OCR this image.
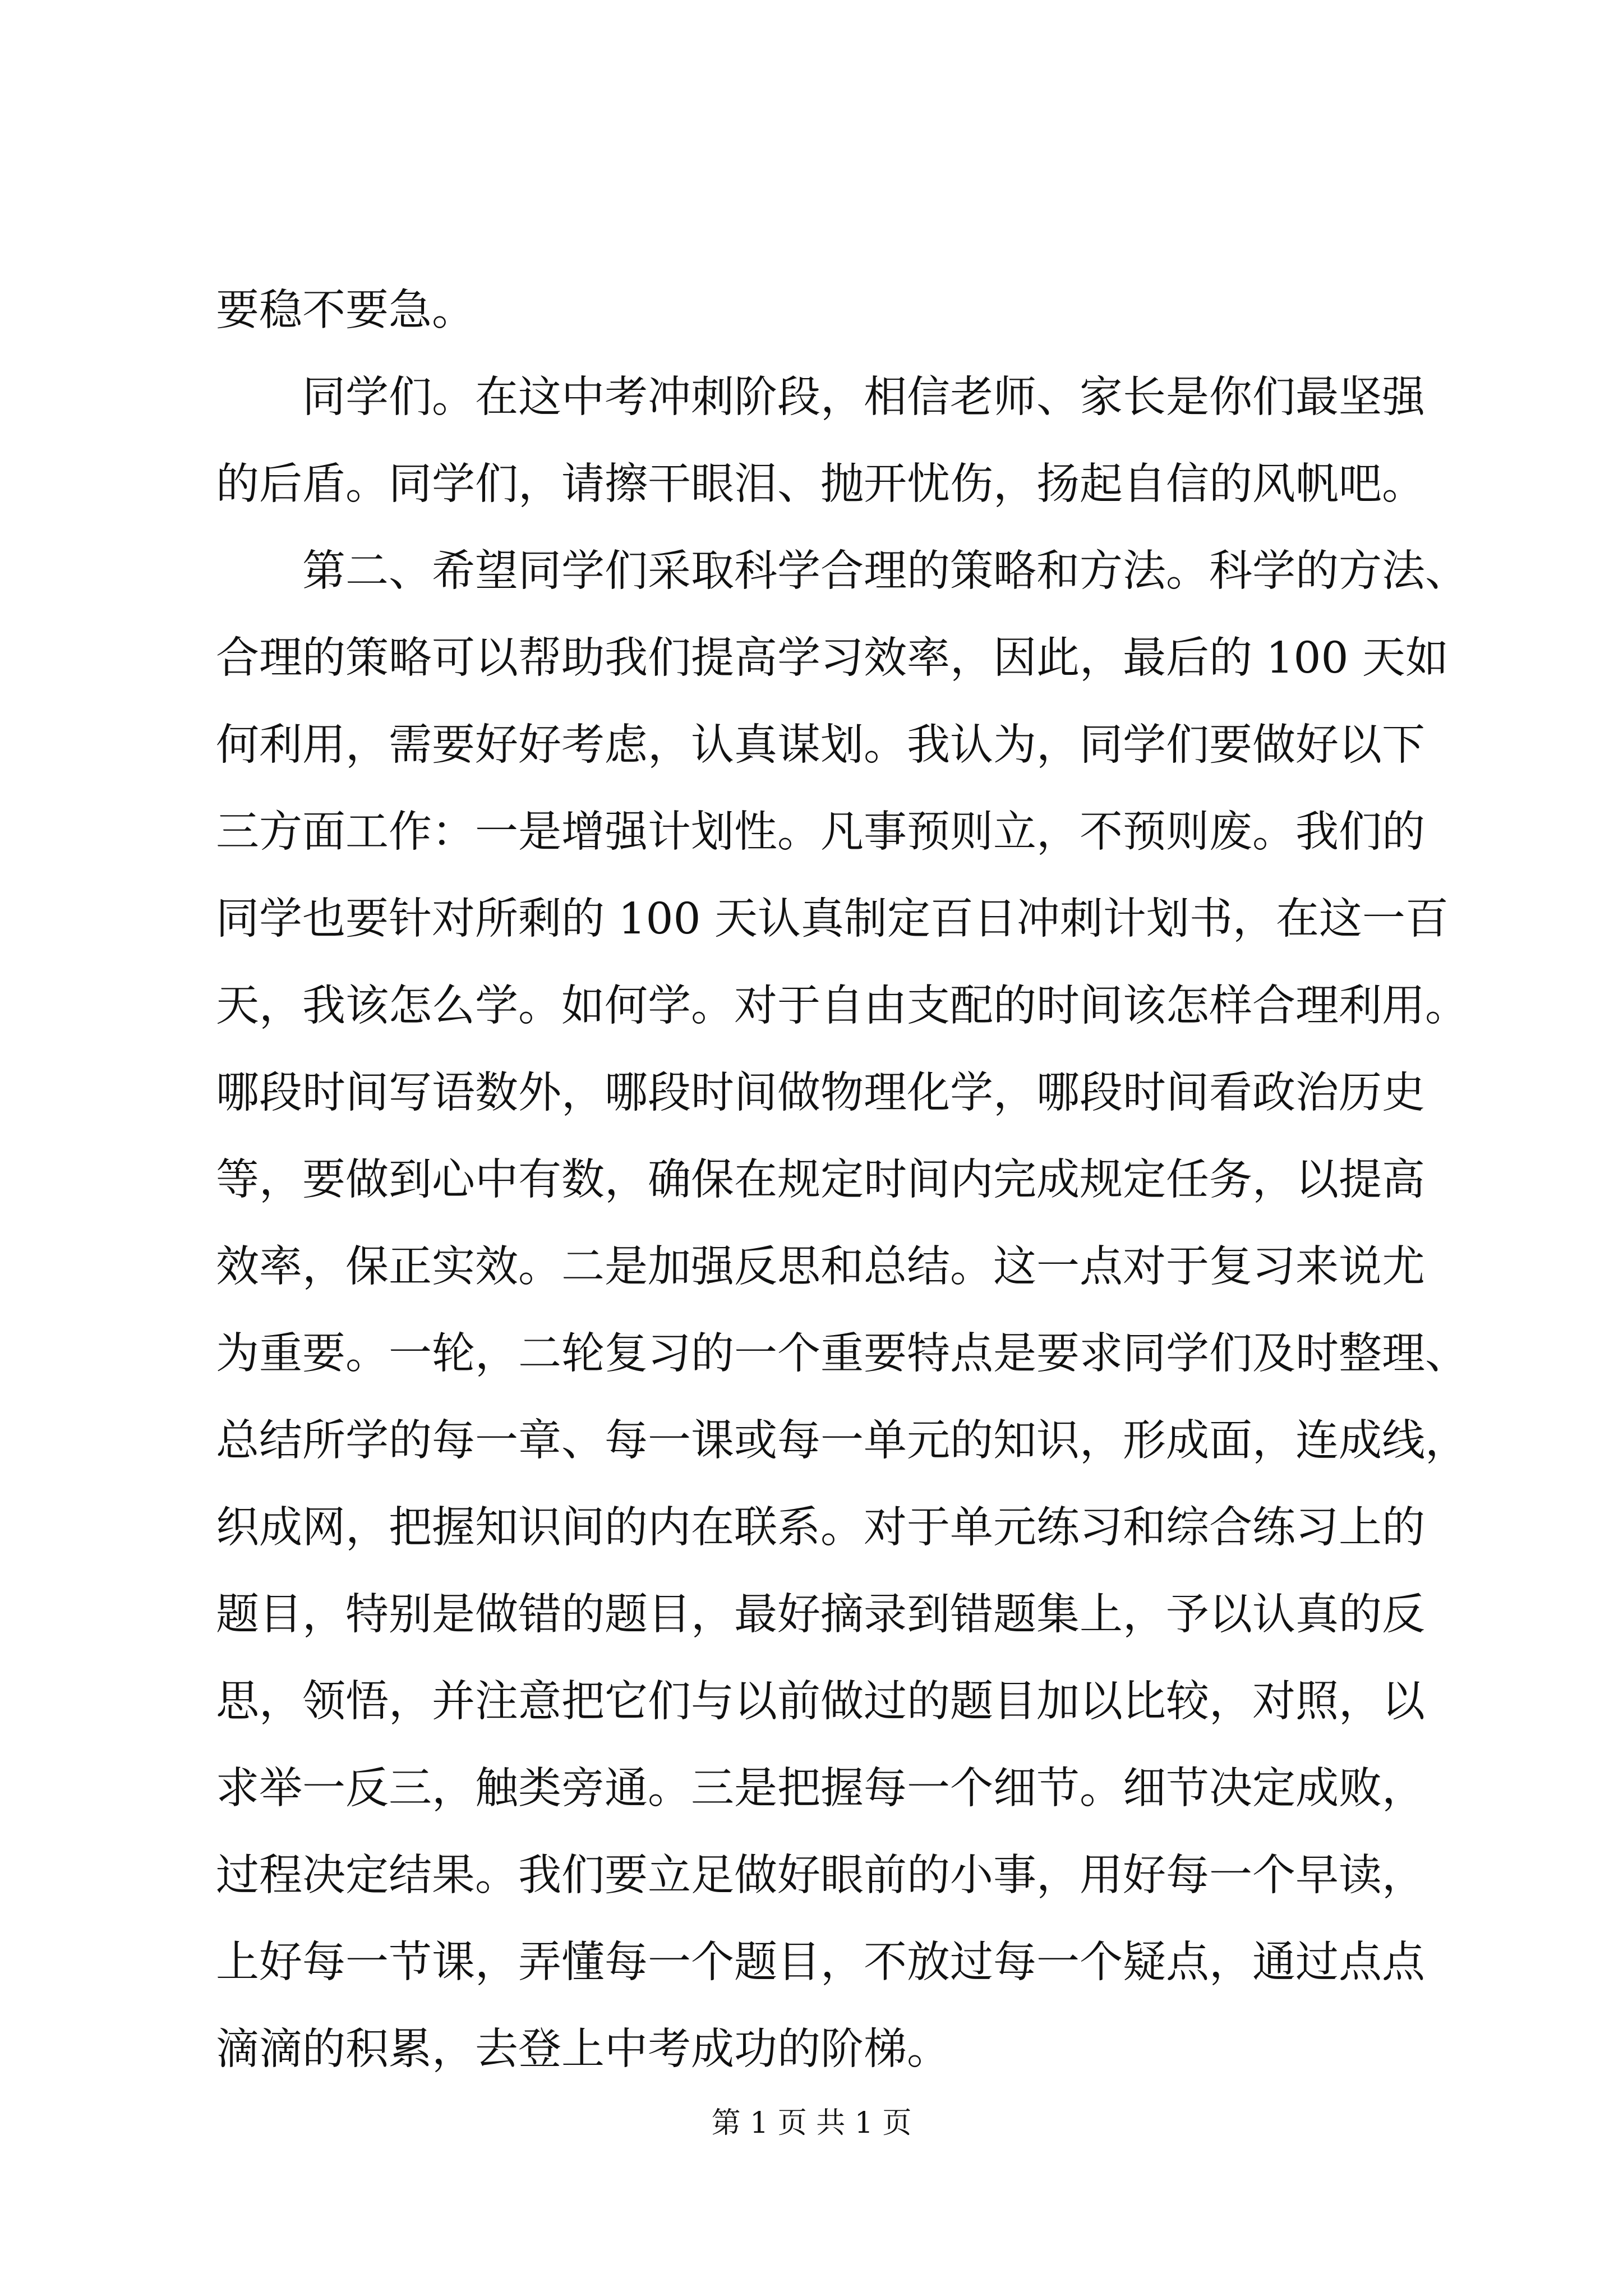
要稳不要急。
同学们。在这中考冲刺阶段，相信老师、家长是你们最坚强
的后盾。同学们，请擦干眼泪、抛开忧伤，扬起自信的风帆吧。
第二、希望同学们采取科学合理的策略和方法。科学的方法、
合理的策略可以帮助我们提高学习效率，因此，最后的 100 天如
何利用，需要好好考虑，认真谋划。我认为，同学们要做好以下
三方面工作：一是增强计划性。凡事预则立，不预则废。我们的
同学也要针对所剩的 100 天认真制定百日冲刺计划书，在这一百
天，我该怎么学。如何学。对于自由支配的时间该怎样合理利用。
哪段时间写语数外，哪段时间做物理化学，哪段时间看政治历史
等，要做到心中有数，确保在规定时间内完成规定任务，以提高
效率，保正实效。二是加强反思和总结。这一点对于复习来说尤
为重要。一轮，二轮复习的一个重要特点是要求同学们及时整理、
总结所学的每一章、每一课或每一单元的知识，形成面，连成线，
织成网，把握知识间的内在联系。对于单元练习和综合练习上的
题目，特别是做错的题目，最好摘录到错题集上，予以认真的反
思，领悟，并注意把它们与以前做过的题目加以比较，对照，以
求举一反三，触类旁通。三是把握每一个细节。细节决定成败，
过程决定结果。我们要立足做好眼前的小事，用好每一个早读，
上好每一节课，弄懂每一个题目，不放过每一个疑点，通过点点
滴滴的积累，去登上中考成功的阶梯。
第 1 页 共 1 页
